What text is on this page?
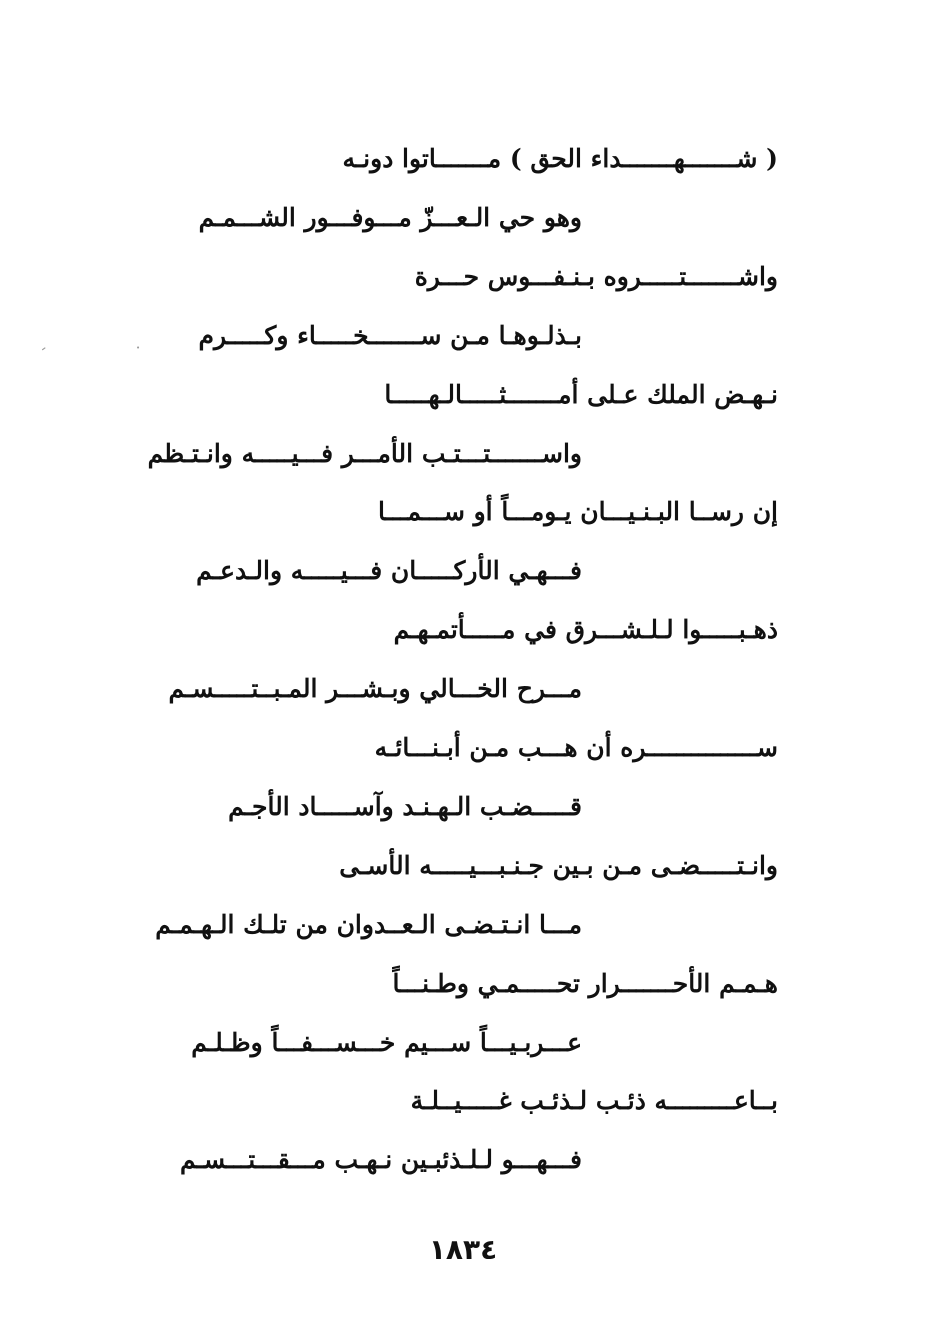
( شـــــــهـــــــداء الحق ) مـــــــاتوا دونـه
وهو حي الـعـــزّ مـــوفـــور الشـــمـم
واشـــــــتـــــروه بـنـفـــوس حـــرة
بـذلـوهـا مـن ســـــــخـــــاء وكـــــرم
نـهـض الملك عـلى أمـــــــثـــــالـهـــــا
واســـــــتـــتـب الأمـــر فـــيـــــه وانـتـظم
إن رســا البـنـيـــان يـومـــاً أو ســـمـــا
فـــهـي الأركـــــان فـــيـــــه والـدعـم
ذهـبـــــوا لـلـشـــرق في مـــــأتمـهـم
مـــرح الخـــالي وبـشـــر المـبــتـــــسـم
ســـــــــــــــره أن هـــب مـن أبـنـــائـه
قـــــضـب الـهـنـد وآســـــاد الأجـم
وانـتـــــضـى مـن بـين جـنـبـــيـــــه الأسـى
مـــا انـتـضـى الـعــدوان من تلـك الـهـمـم
هـمـم الأحـــــــرار تحـــــمـي وطـنـــاً
عـــربـيـــاً ســـيم خـــســـفـــاً وظـلـم
بــاعـــــــــه ذئـب لـذئـب غـــــيــلـة
فـــهـــو لـلـذئبـين نـهـب مـــقـــتـــسـم
١٨٣٤
ـ	•
